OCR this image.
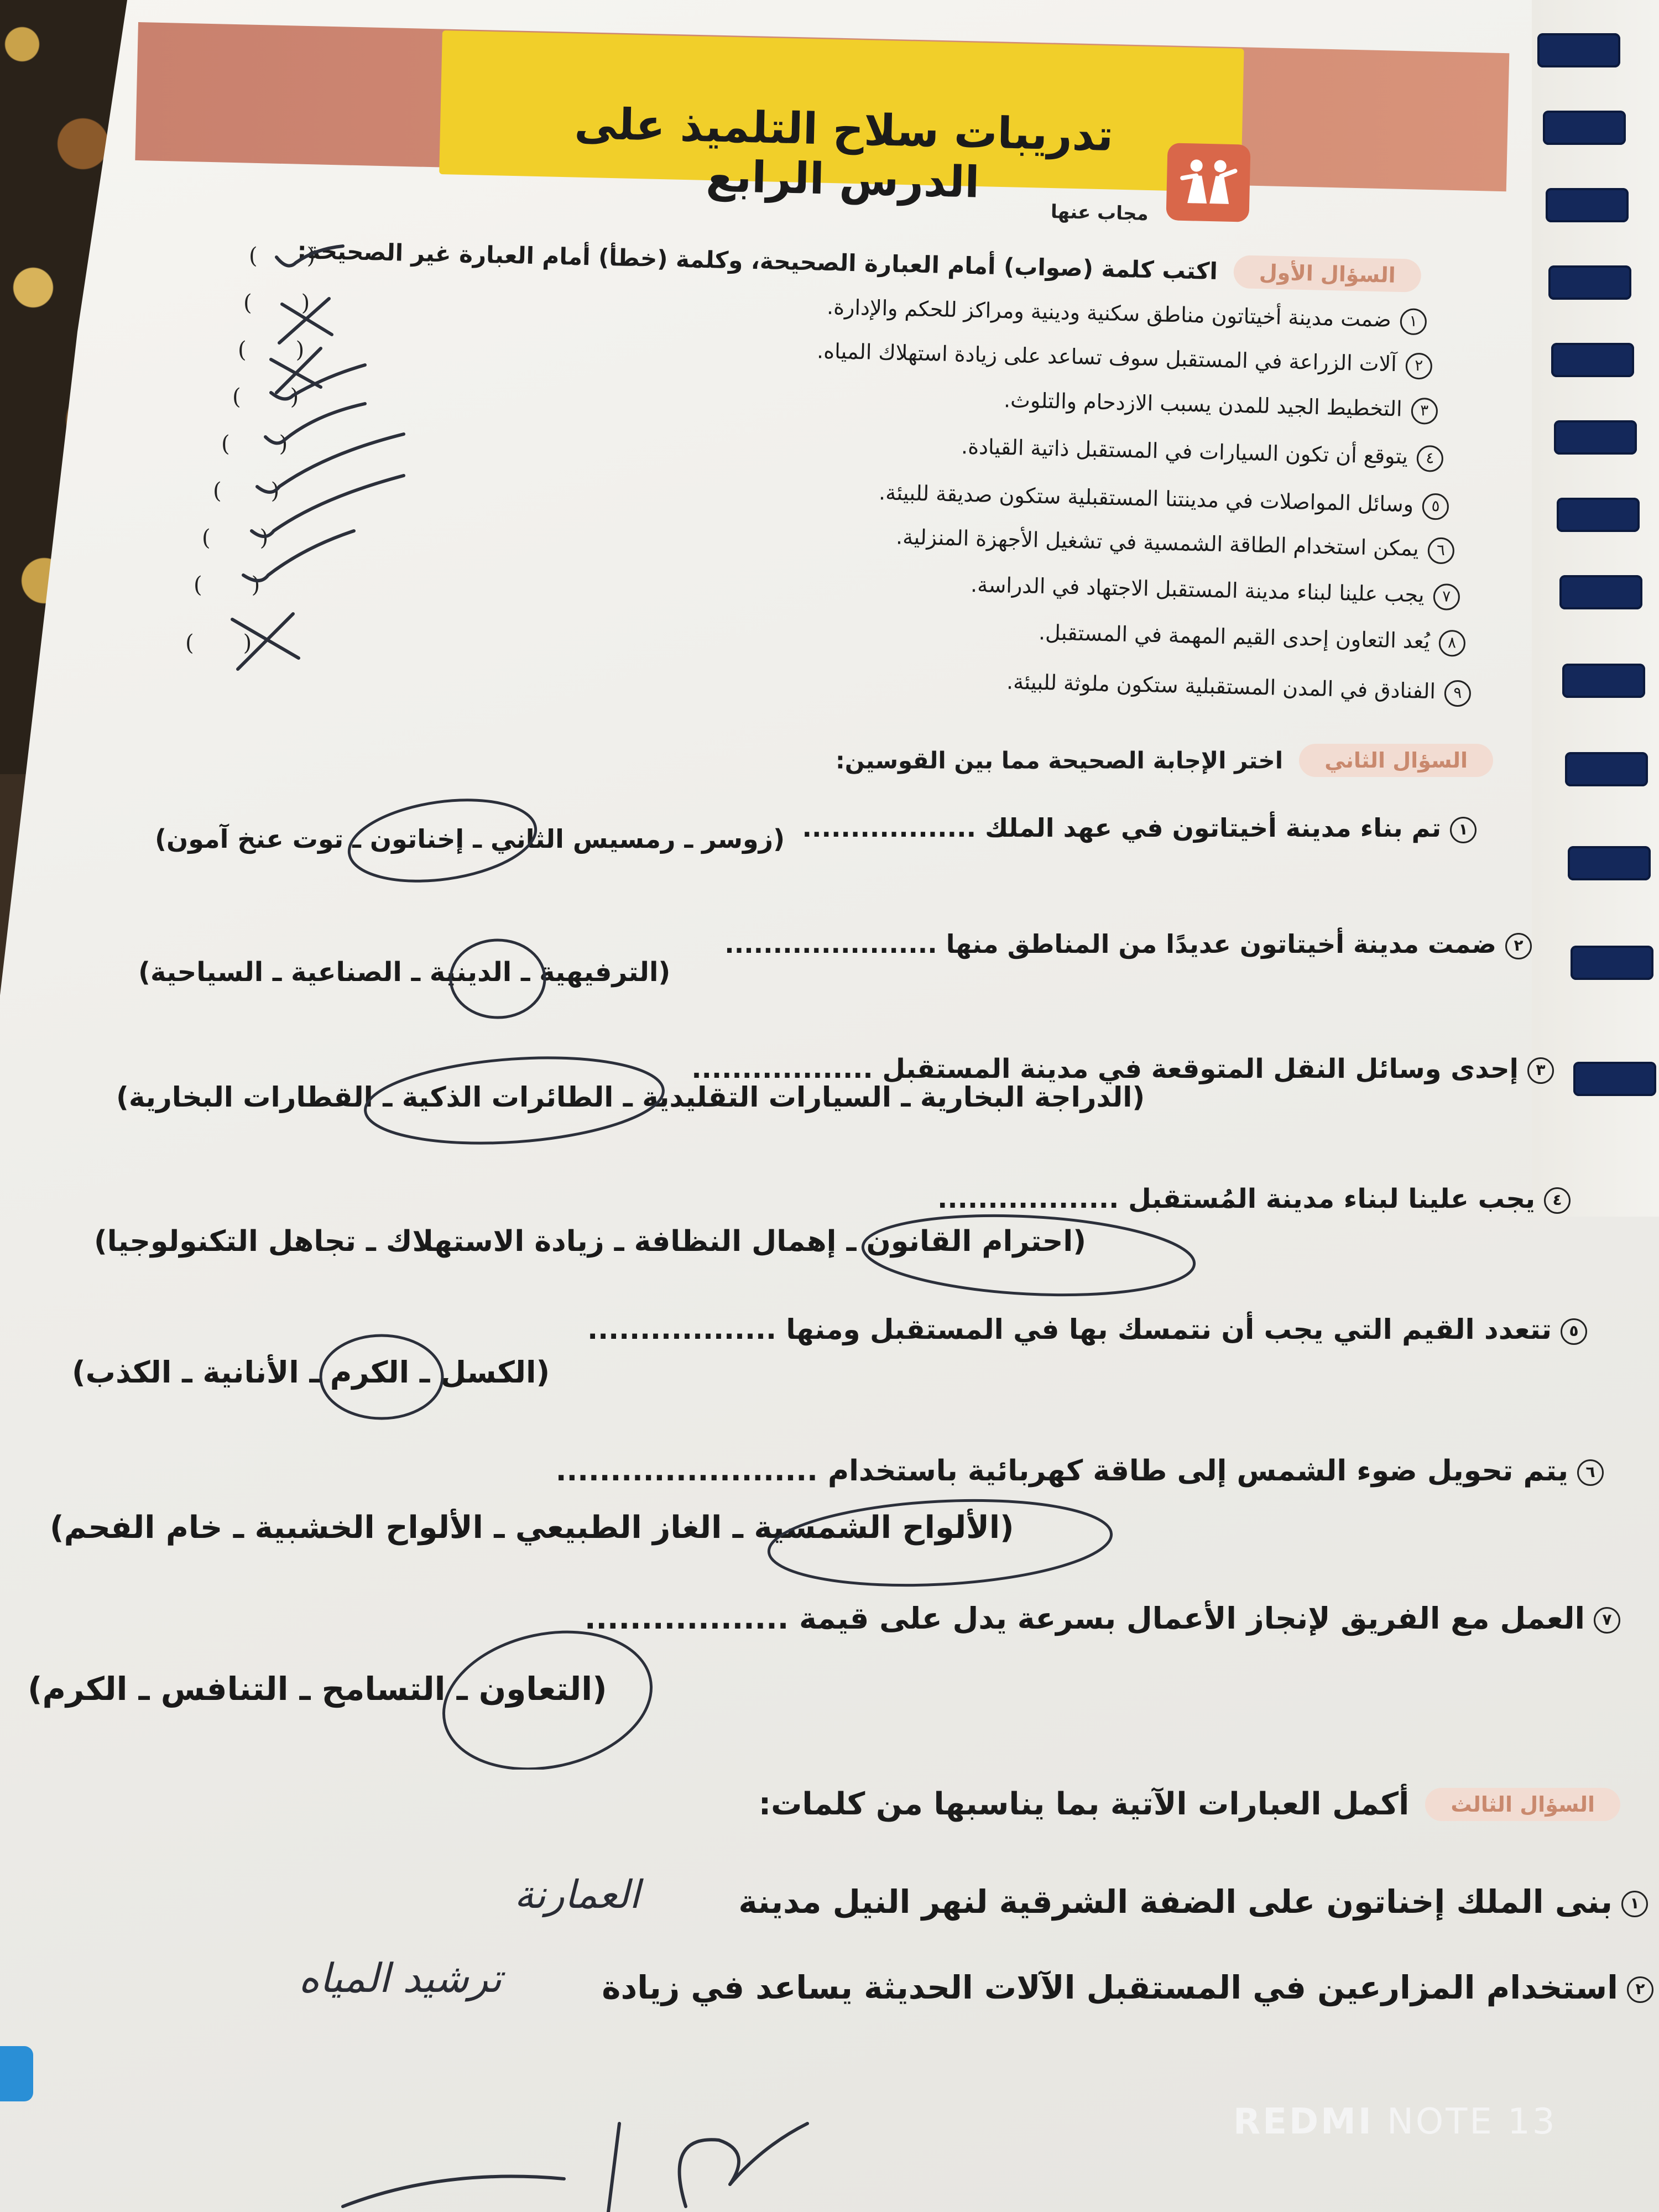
تدريبات سلاح التلميذ على الدرس الرابع
مجاب عنها
السؤال الأول اكتب كلمة (صواب) أمام العبارة الصحيحة، وكلمة (خطأ) أمام العبارة غير الصحيحة:
١ضمت مدينة أخيتاتون مناطق سكنية ودينية ومراكز للحكم والإدارة.
٢آلات الزراعة في المستقبل سوف تساعد على زيادة استهلاك المياه.
٣التخطيط الجيد للمدن يسبب الازدحام والتلوث.
٤يتوقع أن تكون السيارات في المستقبل ذاتية القيادة.
٥وسائل المواصلات في مدينتنا المستقبلية ستكون صديقة للبيئة.
٦يمكن استخدام الطاقة الشمسية في تشغيل الأجهزة المنزلية.
٧يجب علينا لبناء مدينة المستقبل الاجتهاد في الدراسة.
٨يُعد التعاون إحدى القيم المهمة في المستقبل.
٩الفنادق في المدن المستقبلية ستكون ملوثة للبيئة.
(       )
(       )
(       )
(       )
(       )
(       )
(       )
(       )
(       )
السؤال الثاني اختر الإجابة الصحيحة مما بين القوسين:
١تم بناء مدينة أخيتاتون في عهد الملك ..................
(زوسر ـ رمسيس الثاني ـ إخناتون ـ توت عنخ آمون)
٢ضمت مدينة أخيتاتون عديدًا من المناطق منها ......................
(الترفيهية ـ الدينية ـ الصناعية ـ السياحية)
٣إحدى وسائل النقل المتوقعة في مدينة المستقبل ..................
(الدراجة البخارية ـ السيارات التقليدية ـ الطائرات الذكية ـ القطارات البخارية)
٤يجب علينا لبناء مدينة المُستقبل ..................
(احترام القانون ـ إهمال النظافة ـ زيادة الاستهلاك ـ تجاهل التكنولوجيا)
٥تتعدد القيم التي يجب أن نتمسك بها في المستقبل ومنها ..................
(الكسل ـ الكرم ـ الأنانية ـ الكذب)
٦يتم تحويل ضوء الشمس إلى طاقة كهربائية باستخدام ........................
(الألواح الشمسية ـ الغاز الطبيعي ـ الألواح الخشبية ـ خام الفحم)
٧العمل مع الفريق لإنجاز الأعمال بسرعة يدل على قيمة ..................
(التعاون ـ التسامح ـ التنافس ـ الكرم)
السؤال الثالث أكمل العبارات الآتية بما يناسبها من كلمات:
١بنى الملك إخناتون على الضفة الشرقية لنهر النيل مدينة
العمارنة
٢استخدام المزارعين في المستقبل الآلات الحديثة يساعد في زيادة
ترشيد المياه
REDMI NOTE 13
